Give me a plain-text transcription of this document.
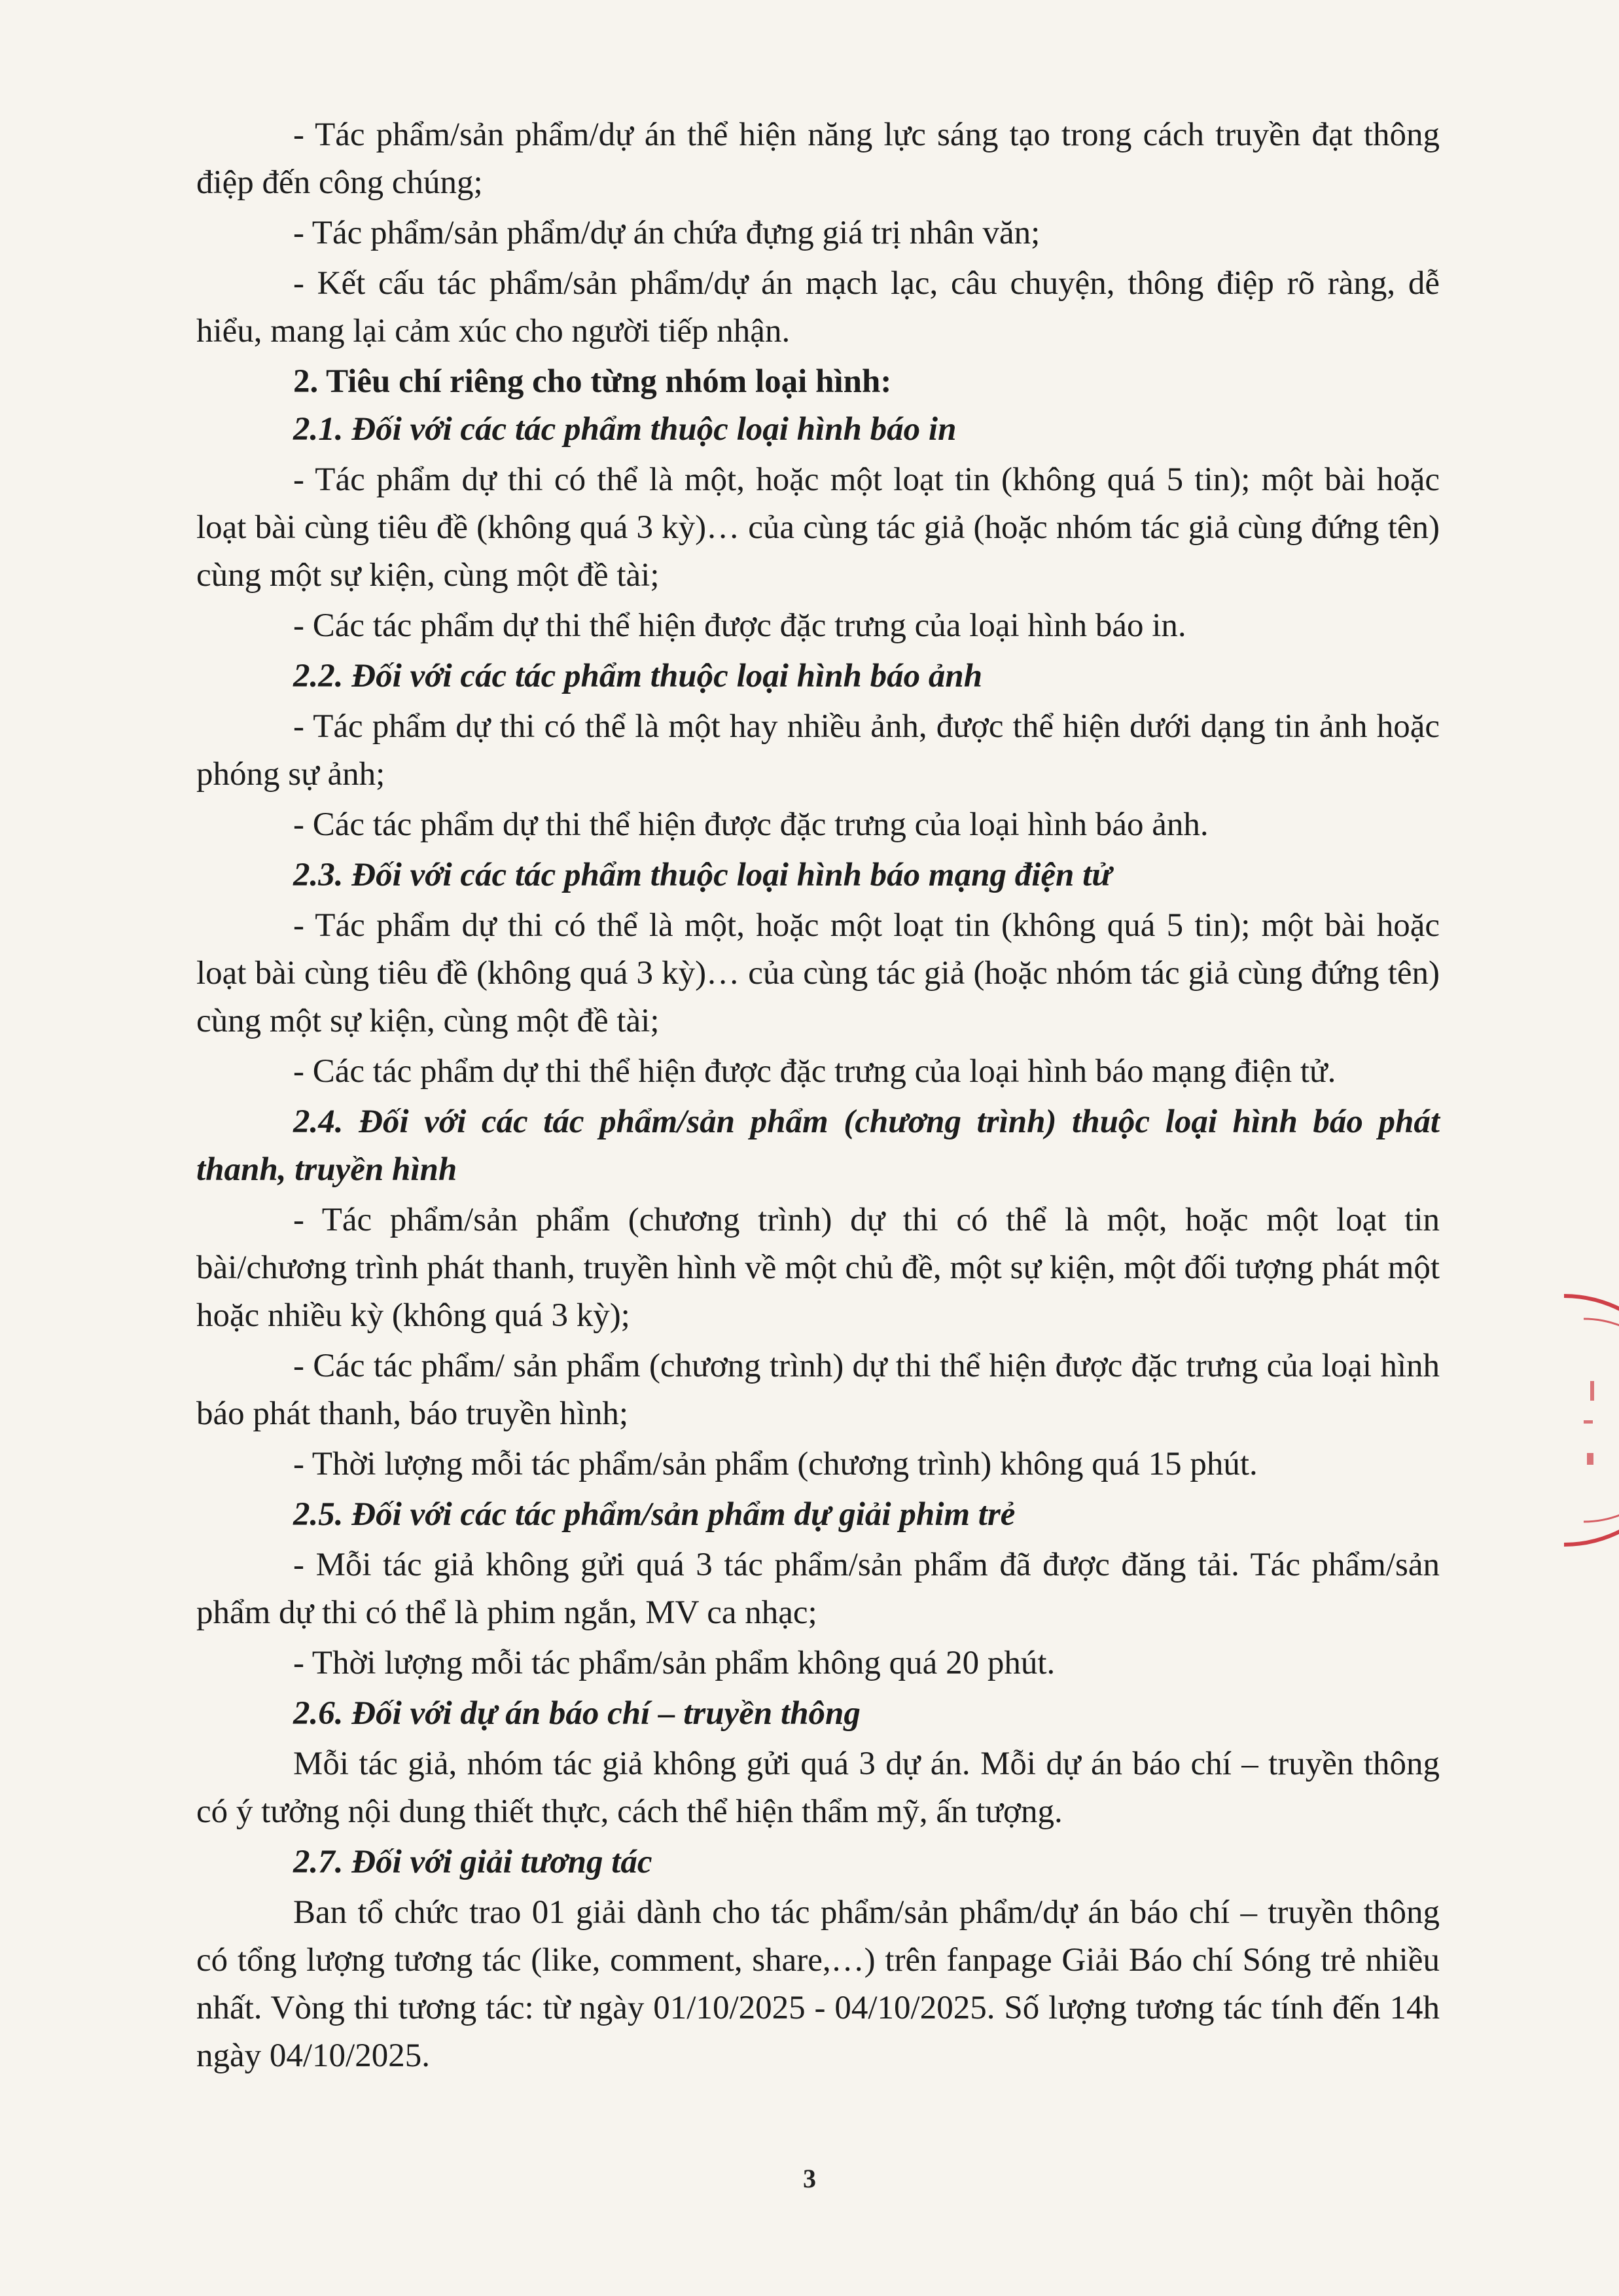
- Tác phẩm/sản phẩm/dự án thể hiện năng lực sáng tạo trong cách truyền đạt thông điệp đến công chúng;

- Tác phẩm/sản phẩm/dự án chứa đựng giá trị nhân văn;

- Kết cấu tác phẩm/sản phẩm/dự án mạch lạc, câu chuyện, thông điệp rõ ràng, dễ hiểu, mang lại cảm xúc cho người tiếp nhận.

2. Tiêu chí riêng cho từng nhóm loại hình:

2.1. Đối với các tác phẩm thuộc loại hình báo in

- Tác phẩm dự thi có thể là một, hoặc một loạt tin (không quá 5 tin); một bài hoặc loạt bài cùng tiêu đề (không quá 3 kỳ)… của cùng tác giả (hoặc nhóm tác giả cùng đứng tên) cùng một sự kiện, cùng một đề tài;

- Các tác phẩm dự thi thể hiện được đặc trưng của loại hình báo in.

2.2. Đối với các tác phẩm thuộc loại hình báo ảnh

- Tác phẩm dự thi có thể là một hay nhiều ảnh, được thể hiện dưới dạng tin ảnh hoặc phóng sự ảnh;

- Các tác phẩm dự thi thể hiện được đặc trưng của loại hình báo ảnh.

2.3. Đối với các tác phẩm thuộc loại hình báo mạng điện tử

- Tác phẩm dự thi có thể là một, hoặc một loạt tin (không quá 5 tin); một bài hoặc loạt bài cùng tiêu đề (không quá 3 kỳ)… của cùng tác giả (hoặc nhóm tác giả cùng đứng tên) cùng một sự kiện, cùng một đề tài;

- Các tác phẩm dự thi thể hiện được đặc trưng của loại hình báo mạng điện tử.

2.4. Đối với các tác phẩm/sản phẩm (chương trình) thuộc loại hình báo phát thanh, truyền hình

- Tác phẩm/sản phẩm (chương trình) dự thi có thể là một, hoặc một loạt tin bài/chương trình phát thanh, truyền hình về một chủ đề, một sự kiện, một đối tượng phát một hoặc nhiều kỳ (không quá 3 kỳ);

- Các tác phẩm/ sản phẩm (chương trình) dự thi thể hiện được đặc trưng của loại hình báo phát thanh, báo truyền hình;

- Thời lượng mỗi tác phẩm/sản phẩm (chương trình) không quá 15 phút.

2.5. Đối với các tác phẩm/sản phẩm dự giải phim trẻ

- Mỗi tác giả không gửi quá 3 tác phẩm/sản phẩm đã được đăng tải. Tác phẩm/sản phẩm dự thi có thể là phim ngắn, MV ca nhạc;

- Thời lượng mỗi tác phẩm/sản phẩm không quá 20 phút.

2.6. Đối với dự án báo chí – truyền thông

Mỗi tác giả, nhóm tác giả không gửi quá 3 dự án. Mỗi dự án báo chí – truyền thông có ý tưởng nội dung thiết thực, cách thể hiện thẩm mỹ, ấn tượng.

2.7. Đối với giải tương tác

Ban tổ chức trao 01 giải dành cho tác phẩm/sản phẩm/dự án báo chí – truyền thông có tổng lượng tương tác (like, comment, share,…) trên fanpage Giải Báo chí Sóng trẻ nhiều nhất. Vòng thi tương tác: từ ngày 01/10/2025 - 04/10/2025. Số lượng tương tác tính đến 14h ngày 04/10/2025.

3
